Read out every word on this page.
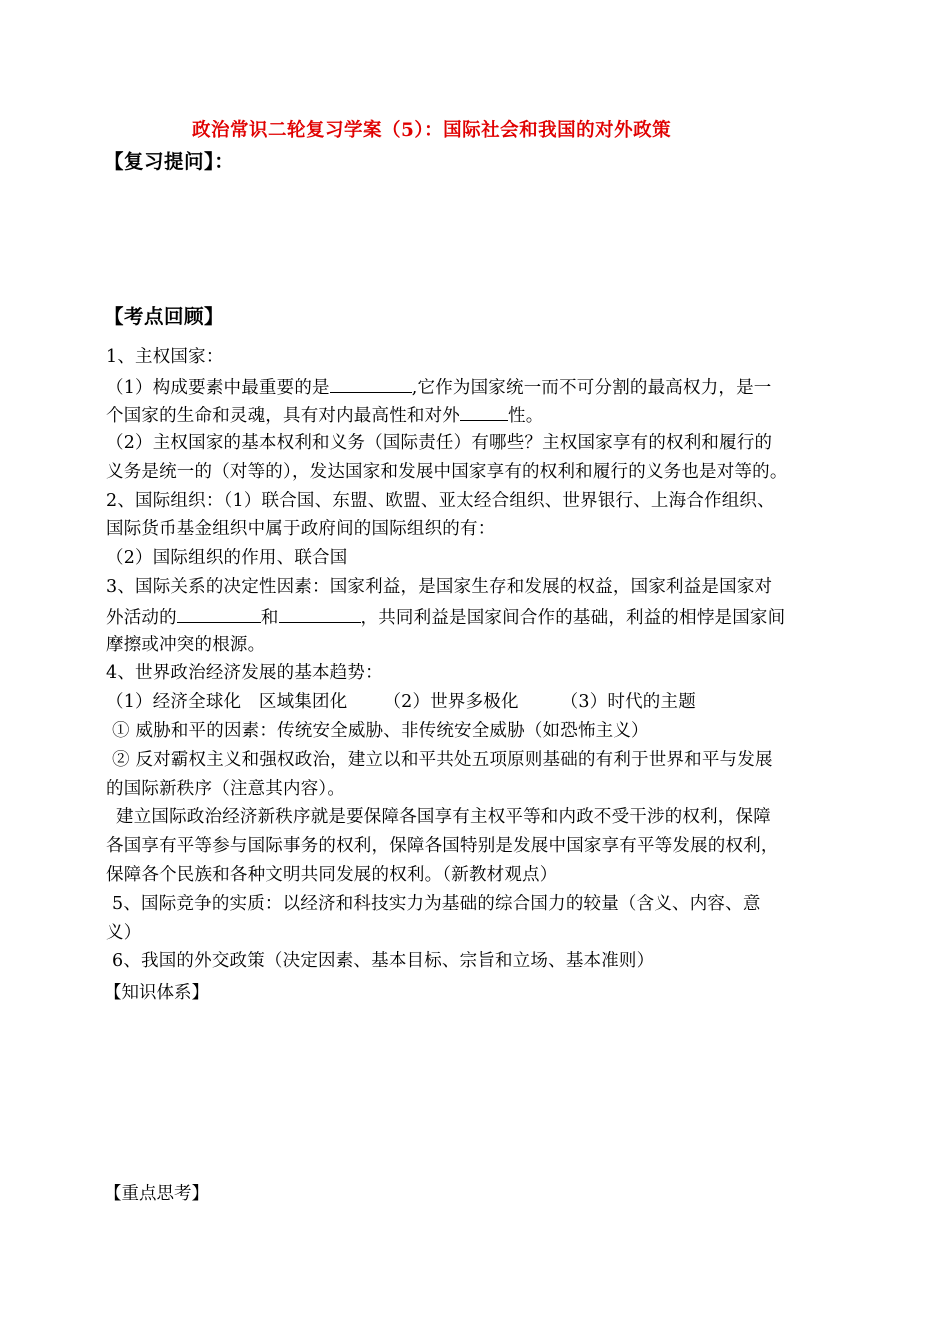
政治常识二轮复习学案（5）：国际社会和我国的对外政策
【复习提问】：
【考点回顾】
1、主权国家：
（1）构成要素中最重要的是	,它作为国家统一而不可分割的最高权力，是一
个国家的生命和灵魂，具有对内最高性和对外	性。
（2）主权国家的基本权利和义务（国际责任）有哪些？主权国家享有的权利和履行的
义务是统一的（对等的），发达国家和发展中国家享有的权利和履行的义务也是对等的。
2、国际组织：（1）联合国、东盟、欧盟、亚太经合组织、世界银行、上海合作组织、
国际货币基金组织中属于政府间的国际组织的有：
（2）国际组织的作用、联合国
3、国际关系的决定性因素：国家利益，是国家生存和发展的权益，国家利益是国家对
外活动的	和	，共同利益是国家间合作的基础，利益的相悖是国家间
摩擦或冲突的根源。
4、世界政治经济发展的基本趋势：
（1）经济全球化　区域集团化 （2）世界多极化 （3）时代的主题
① 威胁和平的因素：传统安全威胁、非传统安全威胁（如恐怖主义）
② 反对霸权主义和强权政治，建立以和平共处五项原则基础的有利于世界和平与发展
的国际新秩序（注意其内容）。
建立国际政治经济新秩序就是要保障各国享有主权平等和内政不受干涉的权利，保障
各国享有平等参与国际事务的权利，保障各国特别是发展中国家享有平等发展的权利，
保障各个民族和各种文明共同发展的权利。（新教材观点）
5、国际竞争的实质：以经济和科技实力为基础的综合国力的较量（含义、内容、意
义）
6、我国的外交政策（决定因素、基本目标、宗旨和立场、基本准则）
【知识体系】
【重点思考】
